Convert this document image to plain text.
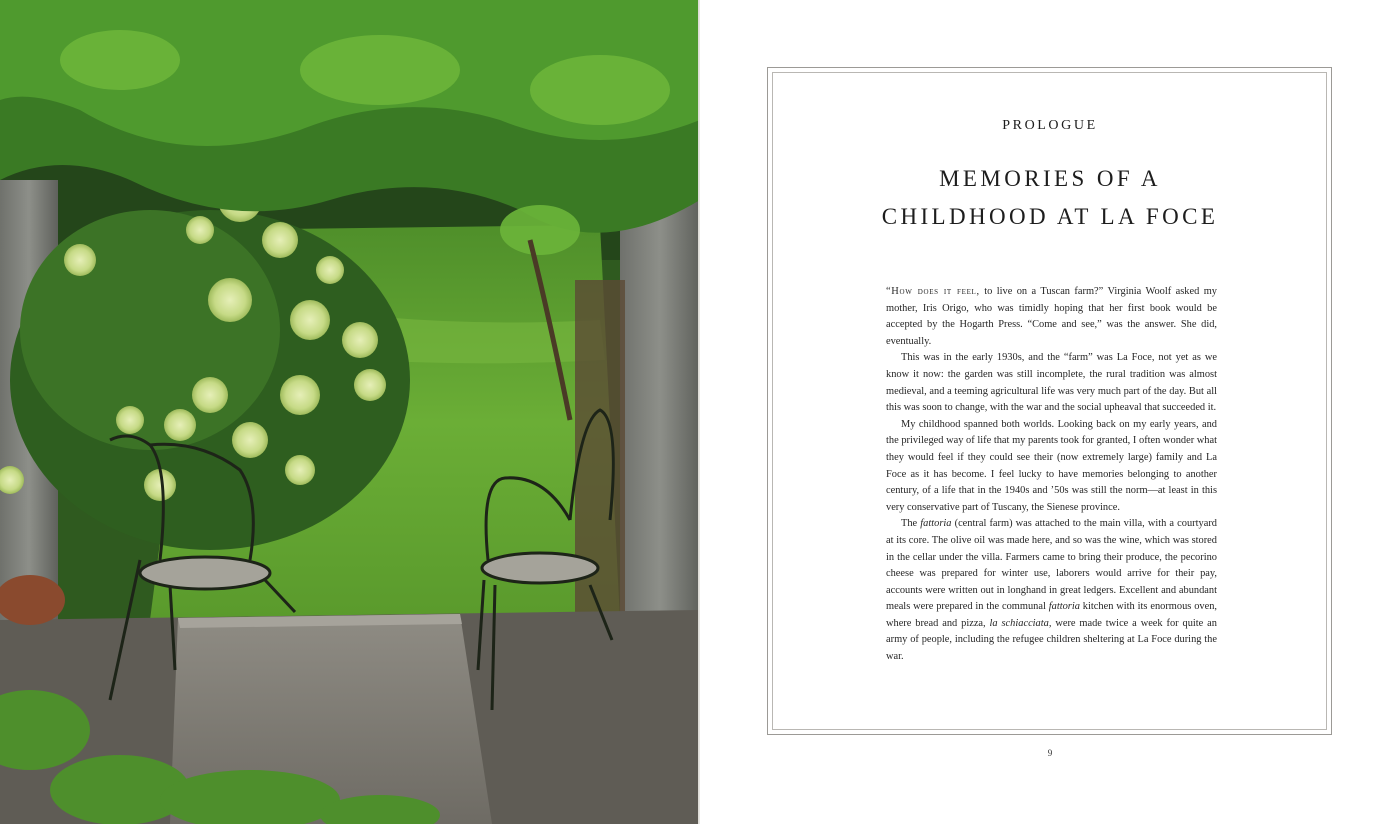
PROLOGUE
MEMORIES OF A
CHILDHOOD AT LA FOCE

“How does it feel, to live on a Tuscan farm?” Virginia Woolf asked my mother, Iris Origo, who was timidly hoping that her first book would be accepted by the Hogarth Press. “Come and see,” was the answer. She did, eventually.

This was in the early 1930s, and the “farm” was La Foce, not yet as we know it now: the garden was still incomplete, the rural tradition was almost medieval, and a teeming agricultural life was very much part of the day. But all this was soon to change, with the war and the social upheaval that succeeded it.

My childhood spanned both worlds. Looking back on my early years, and the privileged way of life that my parents took for granted, I often wonder what they would feel if they could see their (now extremely large) family and La Foce as it has become. I feel lucky to have memories belonging to another century, of a life that in the 1940s and ’50s was still the norm—at least in this very conservative part of Tuscany, the Sienese province.

The fattoria (central farm) was attached to the main villa, with a courtyard at its core. The olive oil was made here, and so was the wine, which was stored in the cellar under the villa. Farmers came to bring their produce, the pecorino cheese was prepared for winter use, laborers would arrive for their pay, accounts were written out in longhand in great ledgers. Excellent and abundant meals were prepared in the communal fattoria kitchen with its enormous oven, where bread and pizza, la schiacciata, were made twice a week for quite an army of people, including the refugee children sheltering at La Foce during the war.

9
